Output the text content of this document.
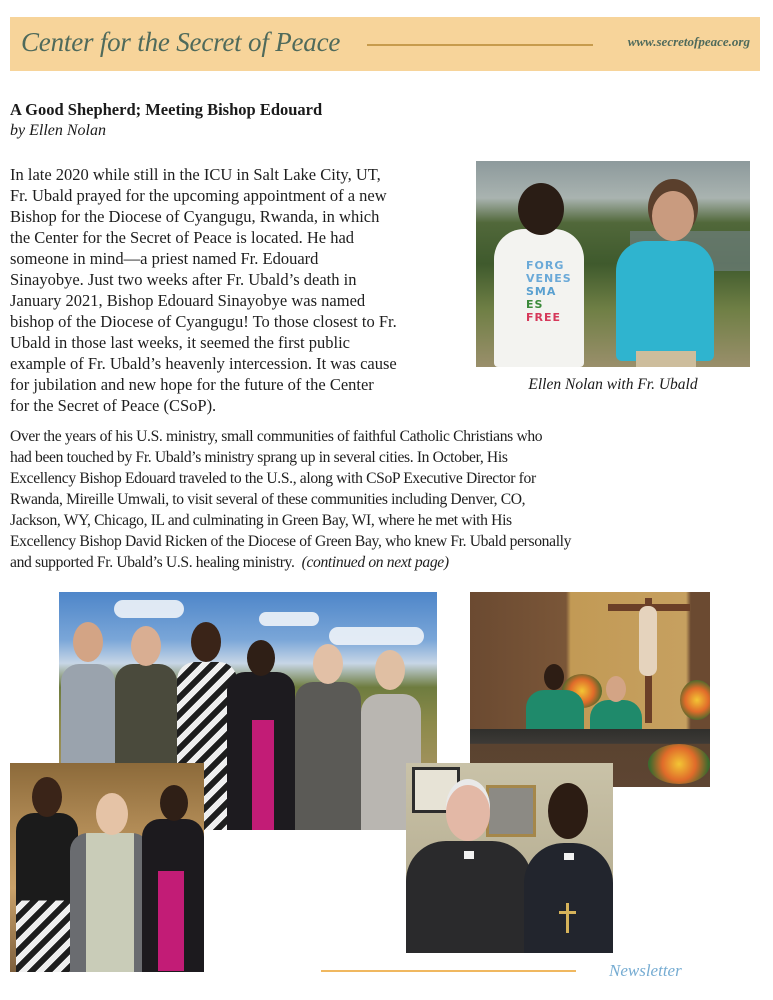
Center for the Secret of Peace	www.secretofpeace.org
A Good Shepherd; Meeting Bishop Edouard
by Ellen Nolan
In late 2020 while still in the ICU in Salt Lake City, UT,
Fr. Ubald prayed for the upcoming appointment of a new
Bishop for the Diocese of Cyangugu, Rwanda, in which
the Center for the Secret of Peace is located. He had
someone in mind—a priest named Fr. Edouard
Sinayobye. Just two weeks after Fr. Ubald’s death in
January 2021, Bishop Edouard Sinayobye was named
bishop of the Diocese of Cyangugu! To those closest to Fr.
Ubald in those last weeks, it seemed the first public
example of Fr. Ubald’s heavenly intercession. It was cause
for jubilation and new hope for the future of the Center
for the Secret of Peace (CSoP).
FORG
VENES
SMA
ES
FREE
Ellen Nolan with Fr. Ubald
Over the years of his U.S. ministry, small communities of faithful Catholic Christians who
had been touched by Fr. Ubald’s ministry sprang up in several cities. In October, His
Excellency Bishop Edouard traveled to the U.S., along with CSoP Executive Director for
Rwanda, Mireille Umwali, to visit several of these communities including Denver, CO,
Jackson, WY, Chicago, IL and culminating in Green Bay, WI, where he met with His
Excellency Bishop David Ricken of the Diocese of Green Bay, who knew Fr. Ubald personally
and supported Fr. Ubald’s U.S. healing ministry. (continued on next page)
Newsletter
